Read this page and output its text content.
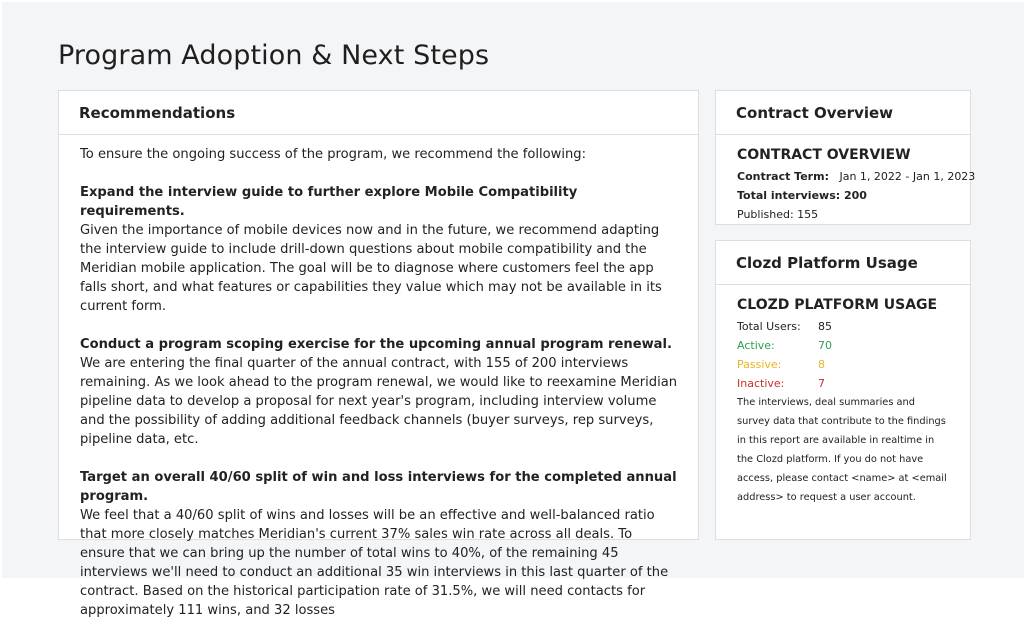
Program Adoption & Next Steps
Recommendations

To ensure the ongoing success of the program, we recommend the following:

Expand the interview guide to further explore Mobile Compatibility requirements.

Given the importance of mobile devices now and in the future, we recommend adapting the interview guide to include drill-down questions about mobile compatibility and the Meridian mobile application. The goal will be to diagnose where customers feel the app falls short, and what features or capabilities they value which may not be available in its current form.

Conduct a program scoping exercise for the upcoming annual program renewal.

We are entering the final quarter of the annual contract, with 155 of 200 interviews remaining. As we look ahead to the program renewal, we would like to reexamine Meridian pipeline data to develop a proposal for next year's program, including interview volume and the possibility of adding additional feedback channels (buyer surveys, rep surveys, pipeline data, etc.

Target an overall 40/60 split of win and loss interviews for the completed annual program.

We feel that a 40/60 split of wins and losses will be an effective and well-balanced ratio that more closely matches Meridian's current 37% sales win rate across all deals. To ensure that we can bring up the number of total wins to 40%, of the remaining 45 interviews we'll need to conduct an additional 35 win interviews in this last quarter of the contract. Based on the historical participation rate of 31.5%, we will need contacts for approximately 111 wins, and 32 losses

Contract Overview
CONTRACT OVERVIEW
Contract Term: Jan 1, 2022 - Jan 1, 2023
Total interviews: 200
Published: 155
Clozd Platform Usage
CLOZD PLATFORM USAGE
Total Users:	85
Active:	70
Passive:	8
Inactive:	7

The interviews, deal summaries and survey data that contribute to the findings in this report are available in realtime in the Clozd platform. If you do not have access, please contact <name> at <email address> to request a user account.
